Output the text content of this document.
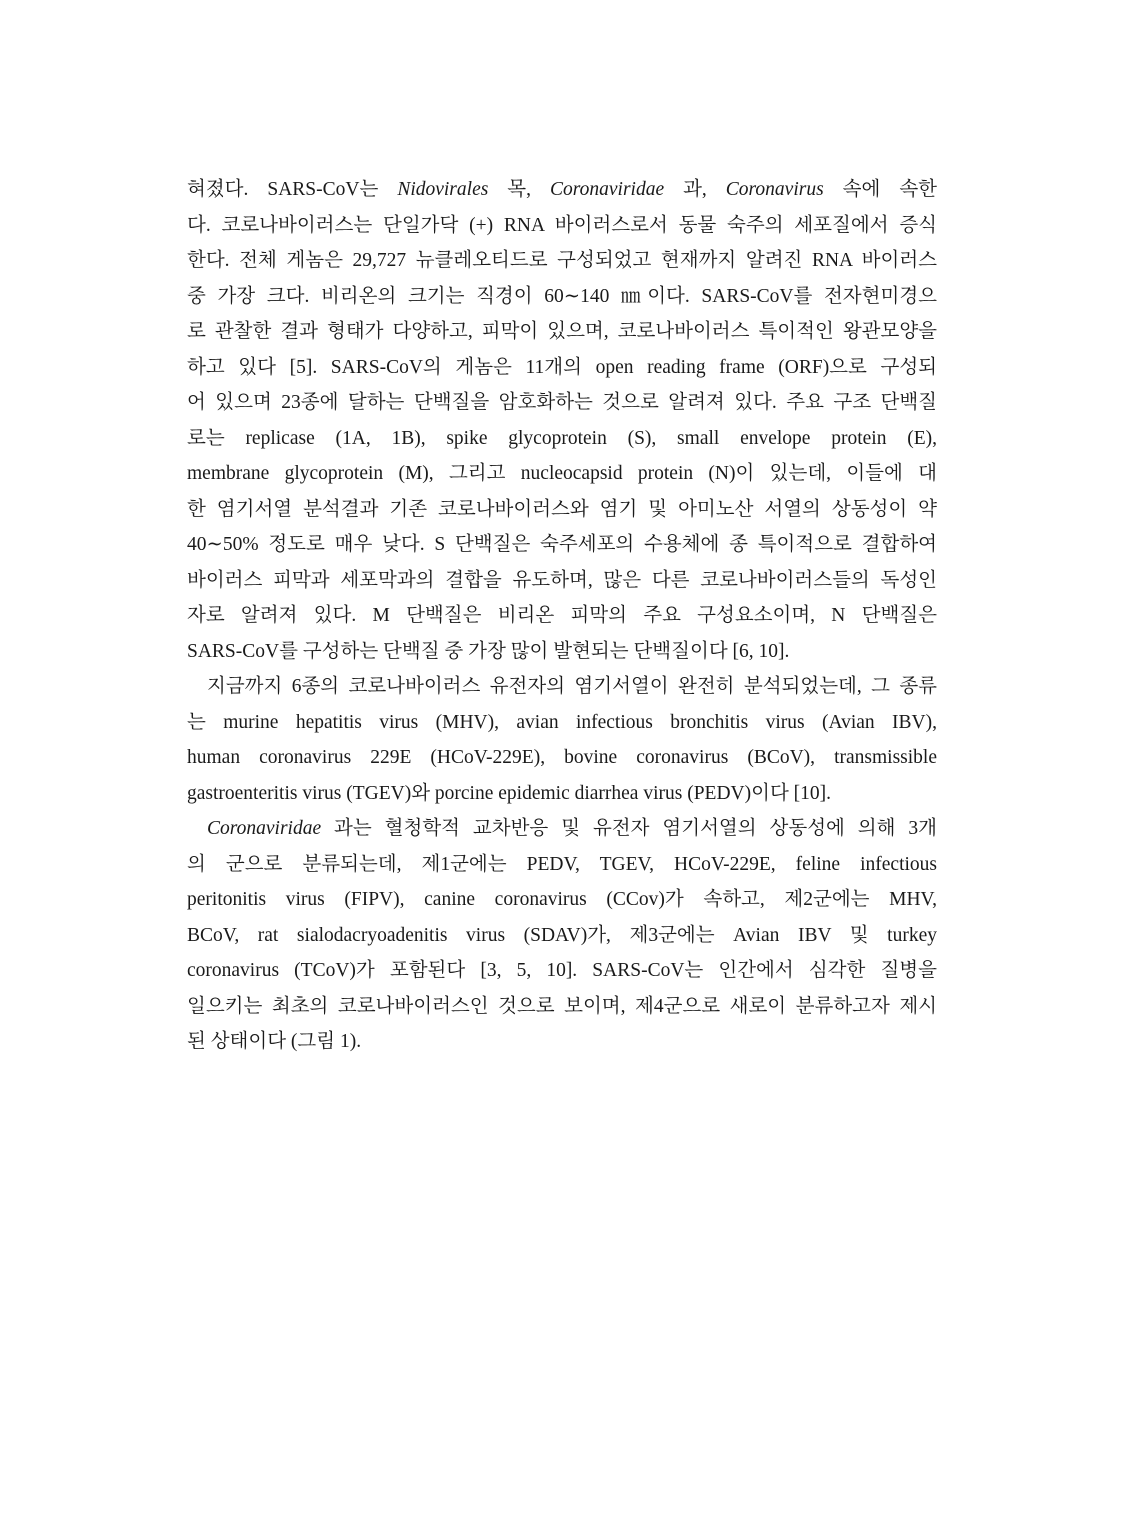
혀졌다. SARS-CoV는 Nidovirales 목, Coronaviridae 과, Coronavirus 속에 속한
다. 코로나바이러스는 단일가닥 (+) RNA 바이러스로서 동물 숙주의 세포질에서 증식
한다. 전체 게놈은 29,727 뉴클레오티드로 구성되었고 현재까지 알려진 RNA 바이러스
중 가장 크다. 비리온의 크기는 직경이 60∼140 ㎚이다. SARS-CoV를 전자현미경으
로 관찰한 결과 형태가 다양하고, 피막이 있으며, 코로나바이러스 특이적인 왕관모양을
하고 있다 [5]. SARS-CoV의 게놈은 11개의 open reading frame (ORF)으로 구성되
어 있으며 23종에 달하는 단백질을 암호화하는 것으로 알려져 있다. 주요 구조 단백질
로는 replicase (1A, 1B), spike glycoprotein (S), small envelope protein (E),
membrane glycoprotein (M), 그리고 nucleocapsid protein (N)이 있는데, 이들에 대
한 염기서열 분석결과 기존 코로나바이러스와 염기 및 아미노산 서열의 상동성이 약
40∼50% 정도로 매우 낮다. S 단백질은 숙주세포의 수용체에 종 특이적으로 결합하여
바이러스 피막과 세포막과의 결합을 유도하며, 많은 다른 코로나바이러스들의 독성인
자로 알려져 있다. M 단백질은 비리온 피막의 주요 구성요소이며, N 단백질은
SARS-CoV를 구성하는 단백질 중 가장 많이 발현되는 단백질이다 [6, 10].
지금까지 6종의 코로나바이러스 유전자의 염기서열이 완전히 분석되었는데, 그 종류
는 murine hepatitis virus (MHV), avian infectious bronchitis virus (Avian IBV),
human coronavirus 229E (HCoV-229E), bovine coronavirus (BCoV), transmissible
gastroenteritis virus (TGEV)와 porcine epidemic diarrhea virus (PEDV)이다 [10].
Coronaviridae 과는 혈청학적 교차반응 및 유전자 염기서열의 상동성에 의해 3개
의 군으로 분류되는데, 제1군에는 PEDV, TGEV, HCoV-229E, feline infectious
peritonitis virus (FIPV), canine coronavirus (CCov)가 속하고, 제2군에는 MHV,
BCoV, rat sialodacryoadenitis virus (SDAV)가, 제3군에는 Avian IBV 및 turkey
coronavirus (TCoV)가 포함된다 [3, 5, 10]. SARS-CoV는 인간에서 심각한 질병을
일으키는 최초의 코로나바이러스인 것으로 보이며, 제4군으로 새로이 분류하고자 제시
된 상태이다 (그림 1).
